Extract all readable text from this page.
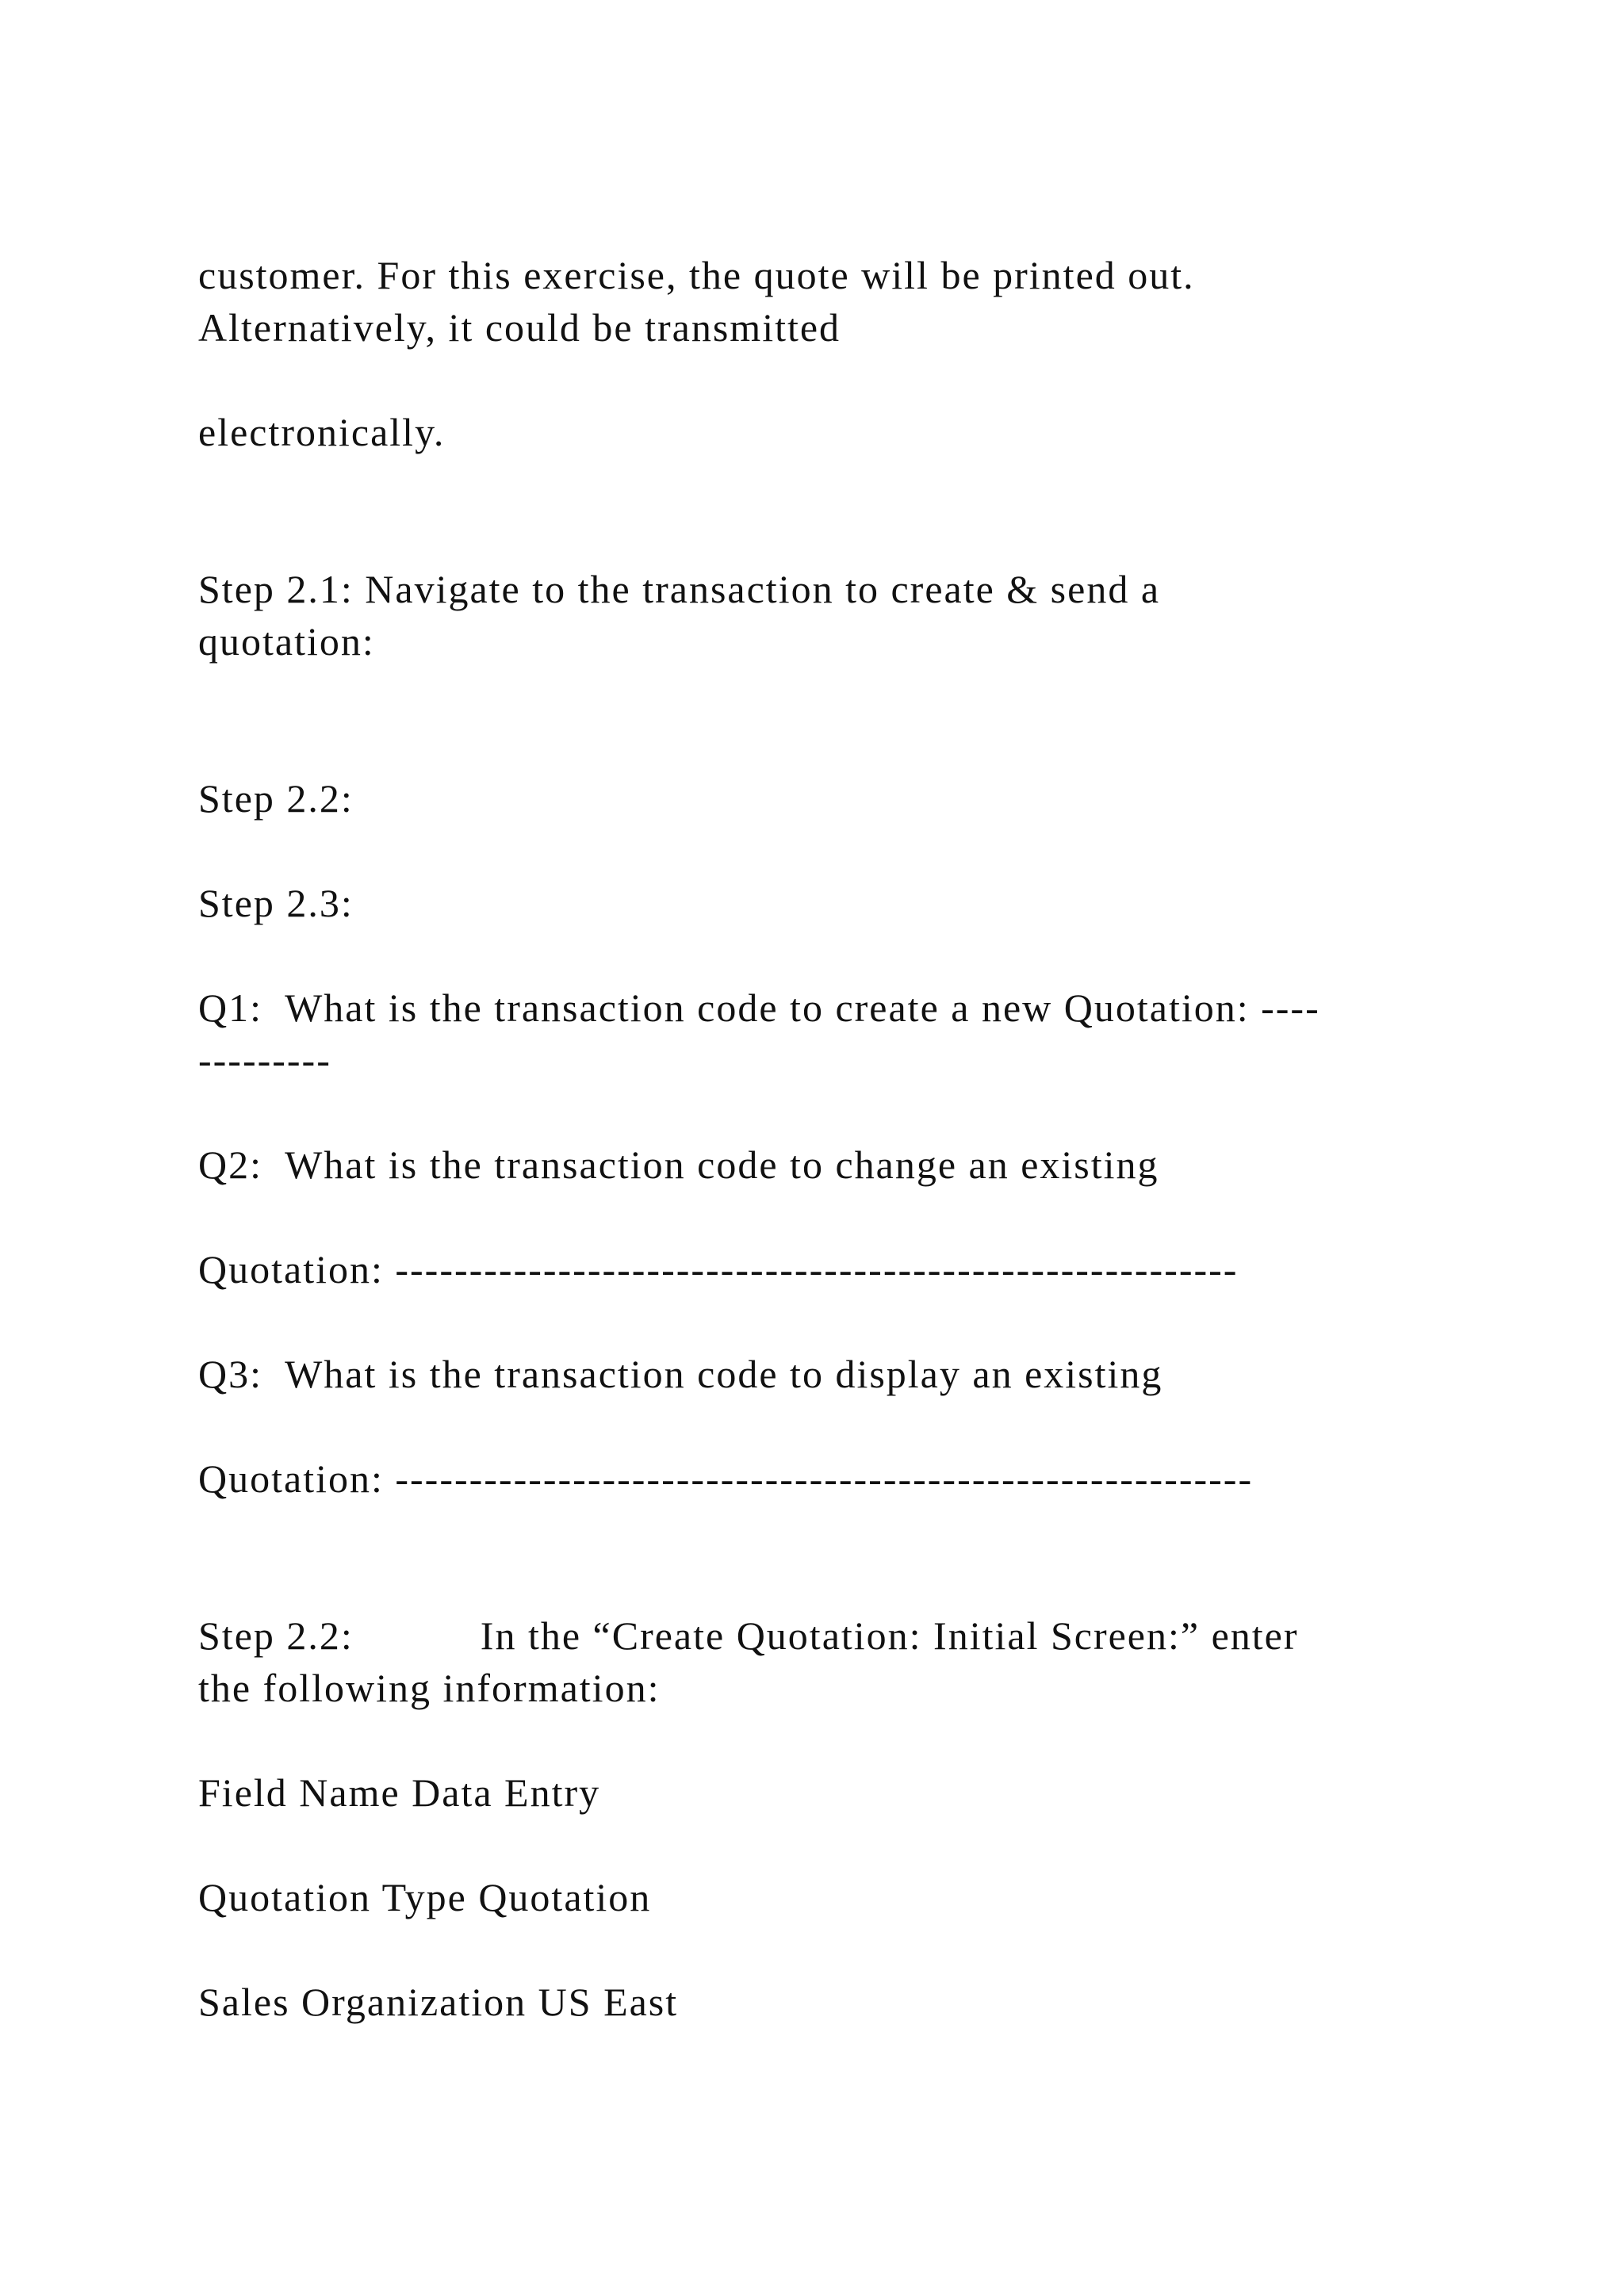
customer. For this exercise, the quote will be printed out.

Alternatively, it could be transmitted

electronically.

Step 2.1: Navigate to the transaction to create & send a

quotation:

Step 2.2:

Step 2.3:

Q1:  What is the transaction code to create a new Quotation: ----

---------

Q2:  What is the transaction code to change an existing

Quotation: ---------------------------------------------------------

Q3:  What is the transaction code to display an existing

Quotation: ----------------------------------------------------------

Step 2.2:	In the “Create Quotation: Initial Screen:” enter

the following information:

Field Name Data Entry

Quotation Type Quotation

Sales Organization US East
